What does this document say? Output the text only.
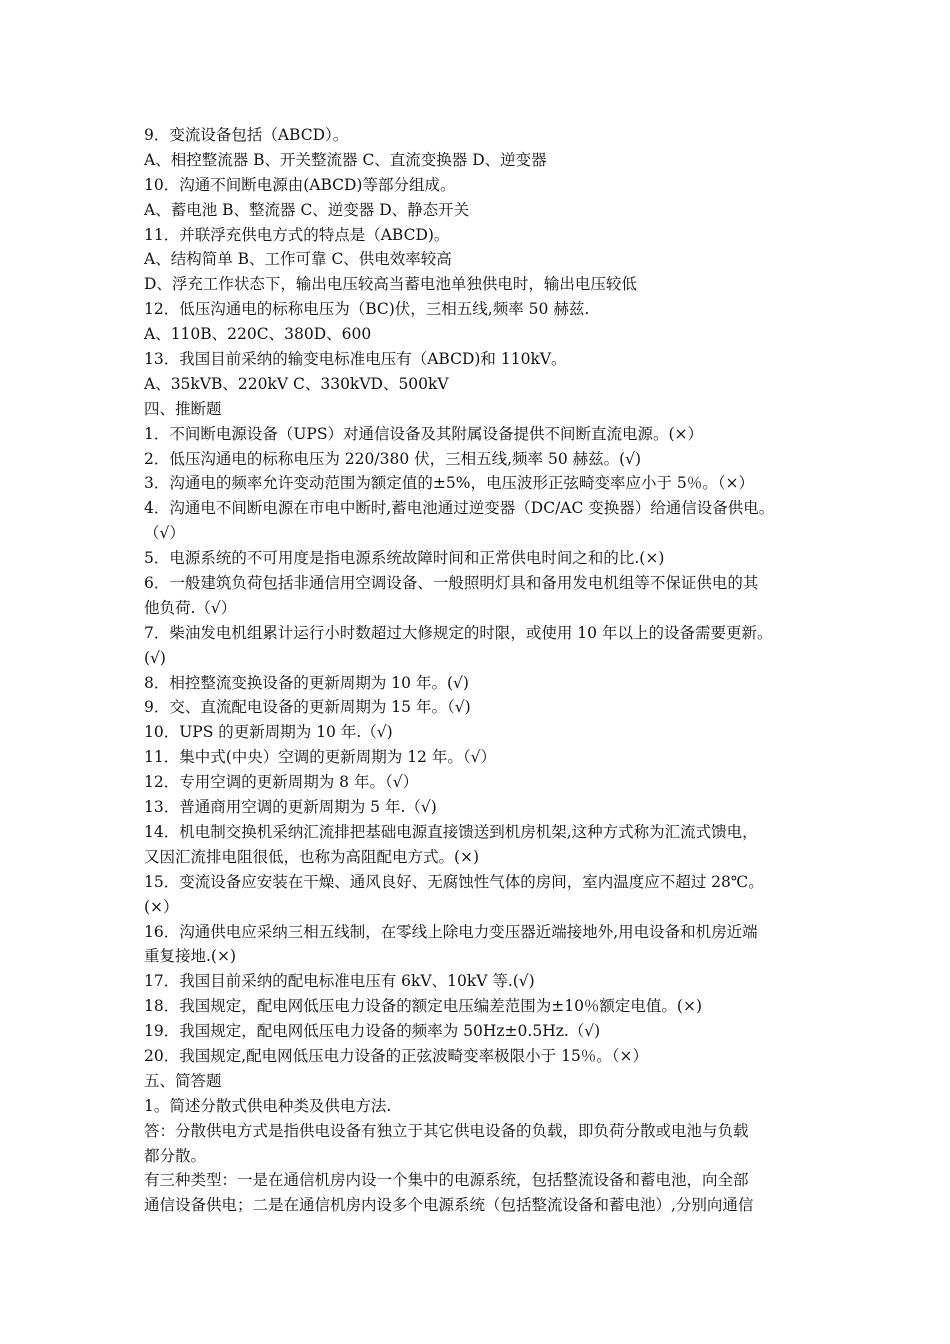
9．变流设备包括（ABCD）。
A、相控整流器 B、开关整流器 C、直流变换器 D、逆变器
10．沟通不间断电源由(ABCD)等部分组成。
A、蓄电池 B、整流器 C、逆变器 D、静态开关
11．并联浮充供电方式的特点是（ABCD)。
A、结构简单 B、工作可靠 C、供电效率较高
D、浮充工作状态下，输出电压较高当蓄电池单独供电时，输出电压较低
12．低压沟通电的标称电压为（BC)伏，三相五线,频率 50 赫兹.
A、110B、220C、380D、600
13．我国目前采纳的输变电标准电压有（ABCD)和 110kV。
A、35kVB、220kV C、330kVD、500kV
四、推断题
1．不间断电源设备（UPS）对通信设备及其附属设备提供不间断直流电源。(×）
2．低压沟通电的标称电压为 220/380 伏，三相五线,频率 50 赫兹。(√)
3．沟通电的频率允许变动范围为额定值的±5%，电压波形正弦畸变率应小于 5％。（×）
4．沟通电不间断电源在市电中断时,蓄电池通过逆变器（DC/AC 变换器）给通信设备供电。
（√）
5．电源系统的不可用度是指电源系统故障时间和正常供电时间之和的比.(×)
6．一般建筑负荷包括非通信用空调设备、一般照明灯具和备用发电机组等不保证供电的其
他负荷.（√）
7．柴油发电机组累计运行小时数超过大修规定的时限，或使用 10 年以上的设备需要更新。
(√)
8．相控整流变换设备的更新周期为 10 年。(√)
9．交、直流配电设备的更新周期为 15 年。（√)
10．UPS 的更新周期为 10 年.（√)
11．集中式(中央）空调的更新周期为 12 年。（√）
12．专用空调的更新周期为 8 年。（√）
13．普通商用空调的更新周期为 5 年.（√)
14．机电制交换机采纳汇流排把基础电源直接馈送到机房机架,这种方式称为汇流式馈电，
又因汇流排电阻很低，也称为高阻配电方式。(×)
15．变流设备应安装在干燥、通风良好、无腐蚀性气体的房间，室内温度应不超过 28℃。
(×）
16．沟通供电应采纳三相五线制，在零线上除电力变压器近端接地外,用电设备和机房近端
重复接地.(×)
17．我国目前采纳的配电标准电压有 6kV、10kV 等.(√)
18．我国规定，配电网低压电力设备的额定电压编差范围为±10％额定电值。(×)
19．我国规定，配电网低压电力设备的频率为 50Hz±0.5Hz.（√)
20．我国规定,配电网低压电力设备的正弦波畸变率极限小于 15％。（×）
五、简答题
1。简述分散式供电种类及供电方法.
答：分散供电方式是指供电设备有独立于其它供电设备的负载，即负荷分散或电池与负载
都分散。
有三种类型：一是在通信机房内设一个集中的电源系统，包括整流设备和蓄电池，向全部
通信设备供电；二是在通信机房内设多个电源系统（包括整流设备和蓄电池）,分别向通信
